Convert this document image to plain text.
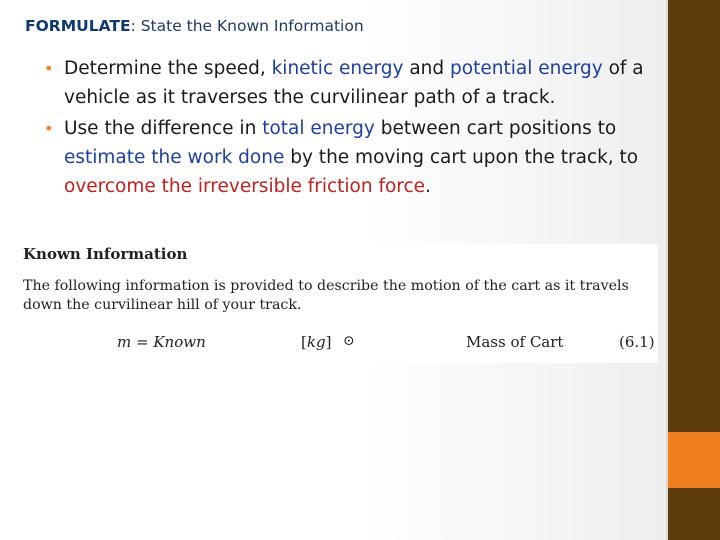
FORMULATE: State the Known Information
• Determine the speed, kinetic energy and potential energy of a vehicle as it traverses the curvilinear path of a track.
• Use the difference in total energy between cart positions to estimate the work done by the moving cart upon the track, to overcome the irreversible friction force.
Known Information
The following information is provided to describe the motion of the cart as it travels down the curvilinear hill of your track.
m = Known	[kg] ⊙	Mass of Cart	(6.1)
